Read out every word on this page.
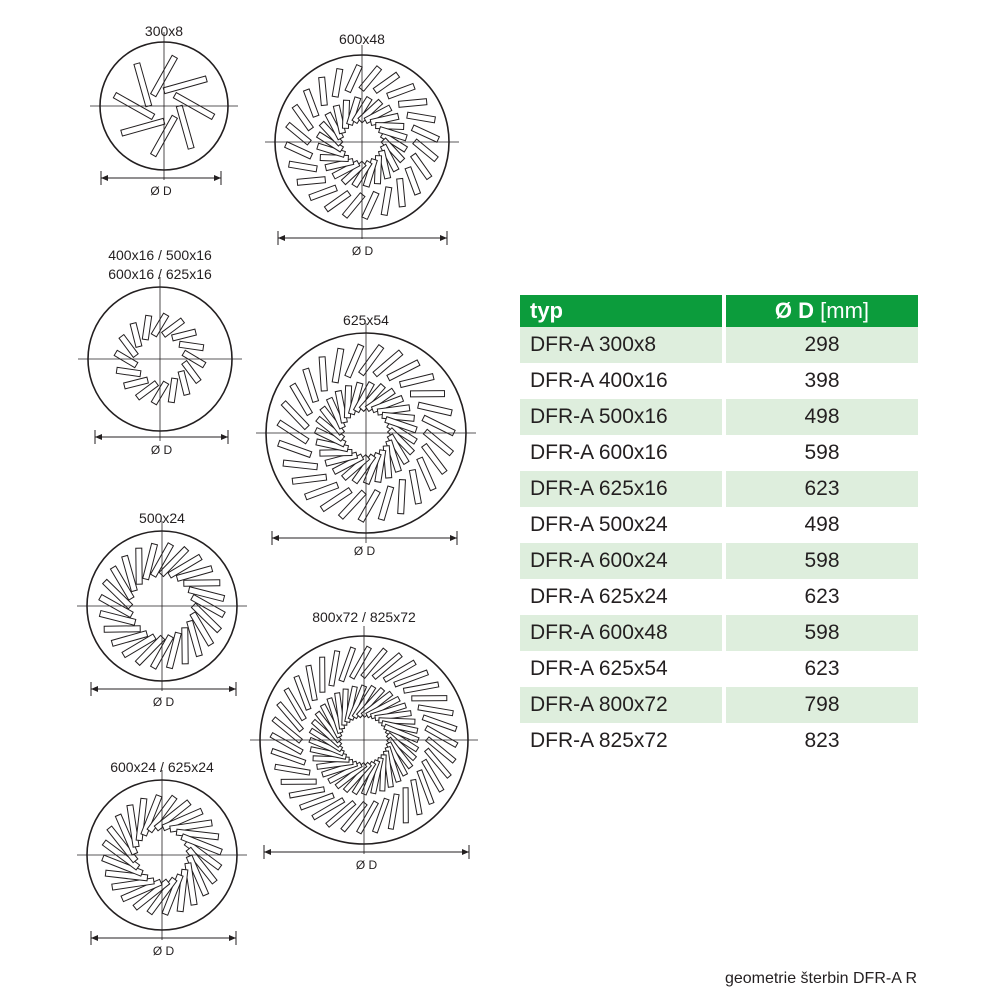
300x8
Ø D
600x48
Ø D
400x16 / 500x16
600x16 / 625x16
Ø D
625x54
Ø D
500x24
Ø D
800x72 / 825x72
Ø D
600x24 / 625x24
Ø D
typ	Ø D [mm]
DFR-A 300x8	298
DFR-A 400x16	398
DFR-A 500x16	498
DFR-A 600x16	598
DFR-A 625x16	623
DFR-A 500x24	498
DFR-A 600x24	598
DFR-A 625x24	623
DFR-A 600x48	598
DFR-A 625x54	623
DFR-A 800x72	798
DFR-A 825x72	823
geometrie šterbin DFR-A R
